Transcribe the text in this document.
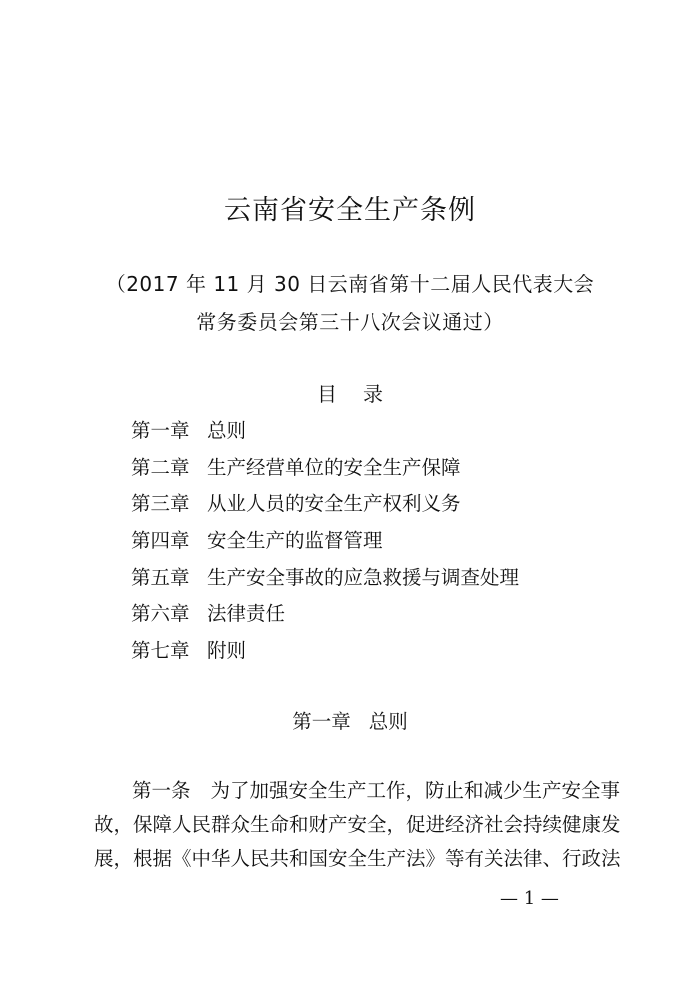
云南省安全生产条例
（2017 年 11 月 30 日云南省第十二届人民代表大会
常务委员会第三十八次会议通过）
目 录
第一章 总则
第二章 生产经营单位的安全生产保障
第三章 从业人员的安全生产权利义务
第四章 安全生产的监督管理
第五章 生产安全事故的应急救援与调查处理
第六章 法律责任
第七章 附则
第一章 总则
第一条 为了加强安全生产工作，防止和减少生产安全事
故，保障人民群众生命和财产安全，促进经济社会持续健康发
展，根据《中华人民共和国安全生产法》等有关法律、行政法
— 1 —
